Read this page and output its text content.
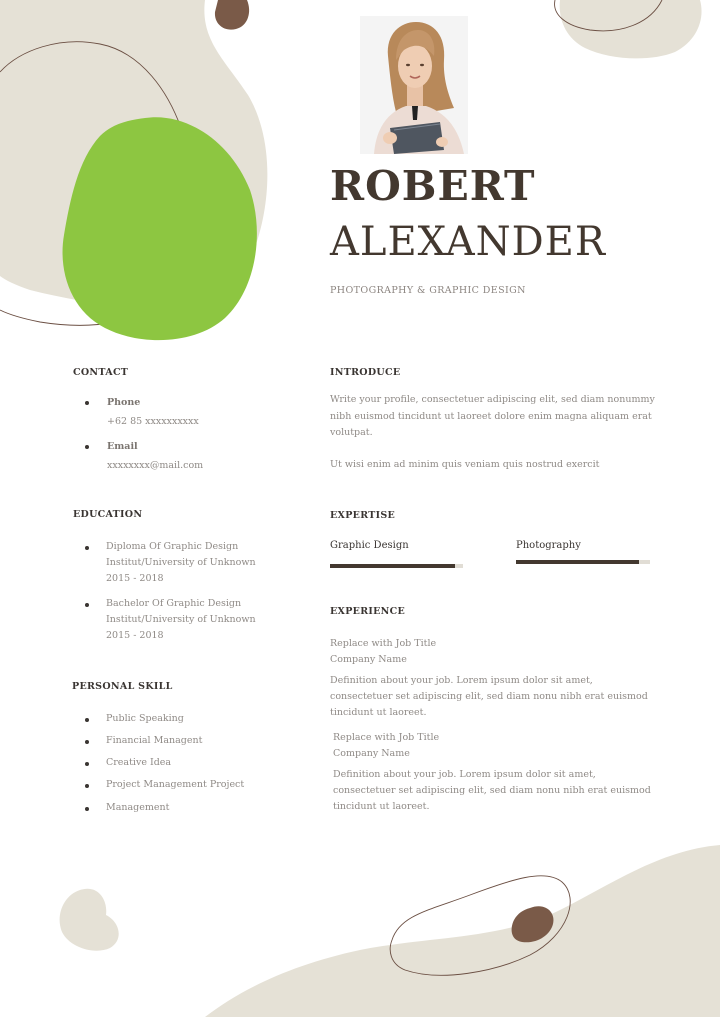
ROBERT
ALEXANDER
PHOTOGRAPHY & GRAPHIC DESIGN
CONTACT
Phone
+62 85 xxxxxxxxxx
Email
xxxxxxxx@mail.com
EDUCATION
Diploma Of Graphic Design
Institut/University of Unknown
2015 - 2018
Bachelor Of Graphic Design
Institut/University of Unknown
2015 - 2018
PERSONAL SKILL
Public Speaking
Financial Managent
Creative Idea
Project Management Project
Management
INTRODUCE
Write your profile, consectetuer adipiscing elit, sed diam nonummy
nibh euismod tincidunt ut laoreet dolore enim magna aliquam erat
volutpat.
Ut wisi enim ad minim quis veniam quis nostrud exercit
EXPERTISE
Graphic Design	Photography
EXPERIENCE
Replace with Job Title
Company Name
Definition about your job. Lorem ipsum dolor sit amet,
consectetuer set adipiscing elit, sed diam nonu nibh erat euismod
tincidunt ut laoreet.
Replace with Job Title
Company Name
Definition about your job. Lorem ipsum dolor sit amet,
consectetuer set adipiscing elit, sed diam nonu nibh erat euismod
tincidunt ut laoreet.
